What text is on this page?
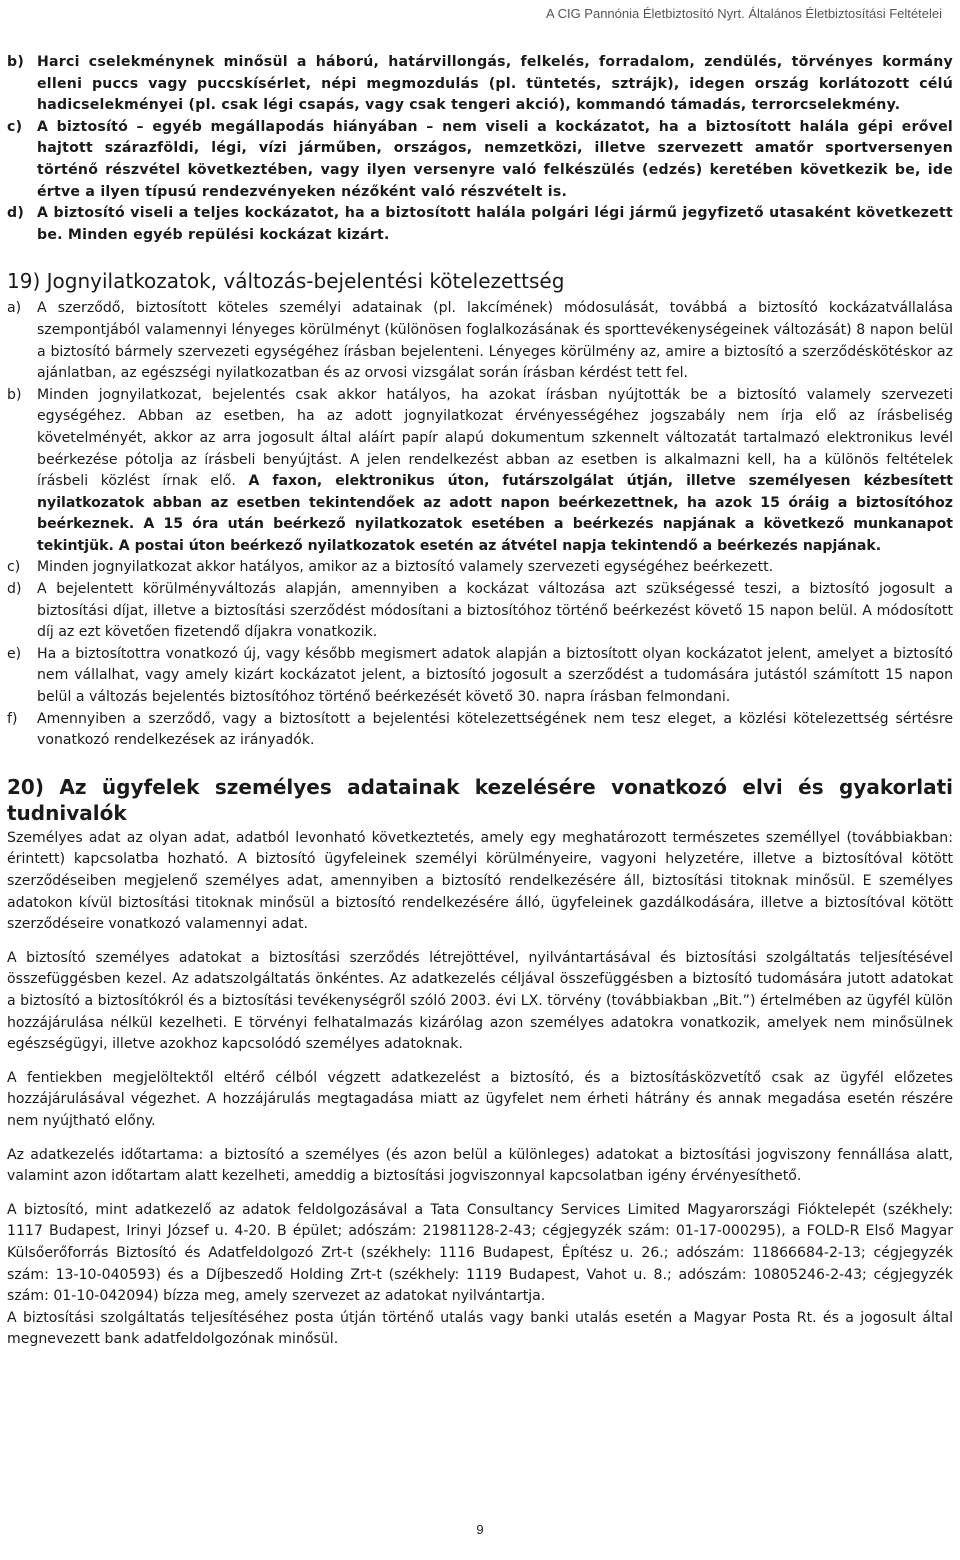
A CIG Pannónia Életbiztosító Nyrt. Általános Életbiztosítási Feltételei
b) Harci cselekménynek minősül a háború, határvillongás, felkelés, forradalom, zendülés, törvényes kormány elleni puccs vagy puccskísérlet, népi megmozdulás (pl. tüntetés, sztrájk), idegen ország korlátozott célú hadicselekményei (pl. csak légi csapás, vagy csak tengeri akció), kommandó támadás, terrorcselekmény.
c)	A biztosító – egyéb megállapodás hiányában – nem viseli a kockázatot, ha a biztosított halála gépi erővel hajtott szárazföldi, légi, vízi járműben, országos, nemzetközi, illetve szervezett amatőr sportversenyen történő részvétel következtében, vagy ilyen versenyre való felkészülés (edzés) keretében következik be, ide értve a ilyen típusú rendezvényeken nézőként való részvételt is.
d) A biztosító viseli a teljes kockázatot, ha a biztosított halála polgári légi jármű jegyfizető utasaként következett be. Minden egyéb repülési kockázat kizárt.
19) Jognyilatkozatok, változás-bejelentési kötelezettség
a)	A szerződő, biztosított köteles személyi adatainak (pl. lakcímének) módosulását, továbbá a biztosító kockázatvállalása szempontjából valamennyi lényeges körülményt (különösen foglalkozásának és sporttevékenységeinek változását) 8 napon belül a biztosító bármely szervezeti egységéhez írásban bejelenteni. Lényeges körülmény az, amire a biztosító a szerződéskötéskor az ajánlatban, az egészségi nyilatkozatban és az orvosi vizsgálat során írásban kérdést tett fel.
b)	Minden jognyilatkozat, bejelentés csak akkor hatályos, ha azokat írásban nyújtották be a biztosító valamely szervezeti egységéhez. Abban az esetben, ha az adott jognyilatkozat érvényességéhez jogszabály nem írja elő az írásbeliség követelményét, akkor az arra jogosult által aláírt papír alapú dokumentum szkennelt változatát tartalmazó elektronikus levél beérkezése pótolja az írásbeli benyújtást. A jelen rendelkezést abban az esetben is alkalmazni kell, ha a különös feltételek írásbeli közlést írnak elő. A faxon, elektronikus úton, futárszolgálat útján, illetve személyesen kézbesített nyilatkozatok abban az esetben tekintendőek az adott napon beérkezettnek, ha azok 15 óráig a biztosítóhoz beérkeznek. A 15 óra után beérkező nyilatkozatok esetében a beérkezés napjának a következő munkanapot tekintjük. A postai úton beérkező nyilatkozatok esetén az átvétel napja tekintendő a beérkezés napjának.
c)	Minden jognyilatkozat akkor hatályos, amikor az a biztosító valamely szervezeti egységéhez beérkezett.
d)	A bejelentett körülményváltozás alapján, amennyiben a kockázat változása azt szükségessé teszi, a biztosító jogosult a biztosítási díjat, illetve a biztosítási szerződést módosítani a biztosítóhoz történő beérkezést követő 15 napon belül. A módosított díj az ezt követően fizetendő díjakra vonatkozik.
e)	Ha a biztosítottra vonatkozó új, vagy később megismert adatok alapján a biztosított olyan kockázatot jelent, amelyet a biztosító nem vállalhat, vagy amely kizárt kockázatot jelent, a biztosító jogosult a szerződést a tudomására jutástól számított 15 napon belül a változás bejelentés biztosítóhoz történő beérkezését követő 30. napra írásban felmondani.
f)	Amennyiben a szerződő, vagy a biztosított a bejelentési kötelezettségének nem tesz eleget, a közlési kötelezettség sértésre vonatkozó rendelkezések az irányadók.
20) Az ügyfelek személyes adatainak kezelésére vonatkozó elvi és gyakorlati tudnivalók

Személyes adat az olyan adat, adatból levonható következtetés, amely egy meghatározott természetes személlyel (továbbiakban: érintett) kapcsolatba hozható. A biztosító ügyfeleinek személyi körülményeire, vagyoni helyzetére, illetve a biztosítóval kötött szerződéseiben megjelenő személyes adat, amennyiben a biztosító rendelkezésére áll, biztosítási titoknak minősül. E személyes adatokon kívül biztosítási titoknak minősül a biztosító rendelkezésére álló, ügyfeleinek gazdálkodására, illetve a biztosítóval kötött szerződéseire vonatkozó valamennyi adat.

A biztosító személyes adatokat a biztosítási szerződés létrejöttével, nyilvántartásával és biztosítási szolgáltatás teljesítésével összefüggésben kezel. Az adatszolgáltatás önkéntes. Az adatkezelés céljával összefüggésben a biztosító tudomására jutott adatokat a biztosító a biztosítókról és a biztosítási tevékenységről szóló 2003. évi LX. törvény (továbbiakban „Bit.”) értelmében az ügyfél külön hozzájárulása nélkül kezelheti. E törvényi felhatalmazás kizárólag azon személyes adatokra vonatkozik, amelyek nem minősülnek egészségügyi, illetve azokhoz kapcsolódó személyes adatoknak.

A fentiekben megjelöltektől eltérő célból végzett adatkezelést a biztosító, és a biztosításközvetítő csak az ügyfél előzetes hozzájárulásával végezhet. A hozzájárulás megtagadása miatt az ügyfelet nem érheti hátrány és annak megadása esetén részére nem nyújtható előny.

Az adatkezelés időtartama: a biztosító a személyes (és azon belül a különleges) adatokat a biztosítási jogviszony fennállása alatt, valamint azon időtartam alatt kezelheti, ameddig a biztosítási jogviszonnyal kapcsolatban igény érvényesíthető.

A biztosító, mint adatkezelő az adatok feldolgozásával a Tata Consultancy Services Limited Magyarországi Fióktelepét (székhely: 1117 Budapest, Irinyi József u. 4-20. B épület; adószám: 21981128-2-43; cégjegyzék szám: 01-17-000295), a FOLD-R Első Magyar Külsőerőforrás Biztosító és Adatfeldolgozó Zrt-t (székhely: 1116 Budapest, Építész u. 26.; adószám: 11866684-2-13; cégjegyzék szám: 13-10-040593) és a Díjbeszedő Holding Zrt-t (székhely: 1119 Budapest, Vahot u. 8.; adószám: 10805246-2-43; cégjegyzék szám: 01-10-042094) bízza meg, amely szervezet az adatokat nyilvántartja.

A biztosítási szolgáltatás teljesítéséhez posta útján történő utalás vagy banki utalás esetén a Magyar Posta Rt. és a jogosult által megnevezett bank adatfeldolgozónak minősül.

9
